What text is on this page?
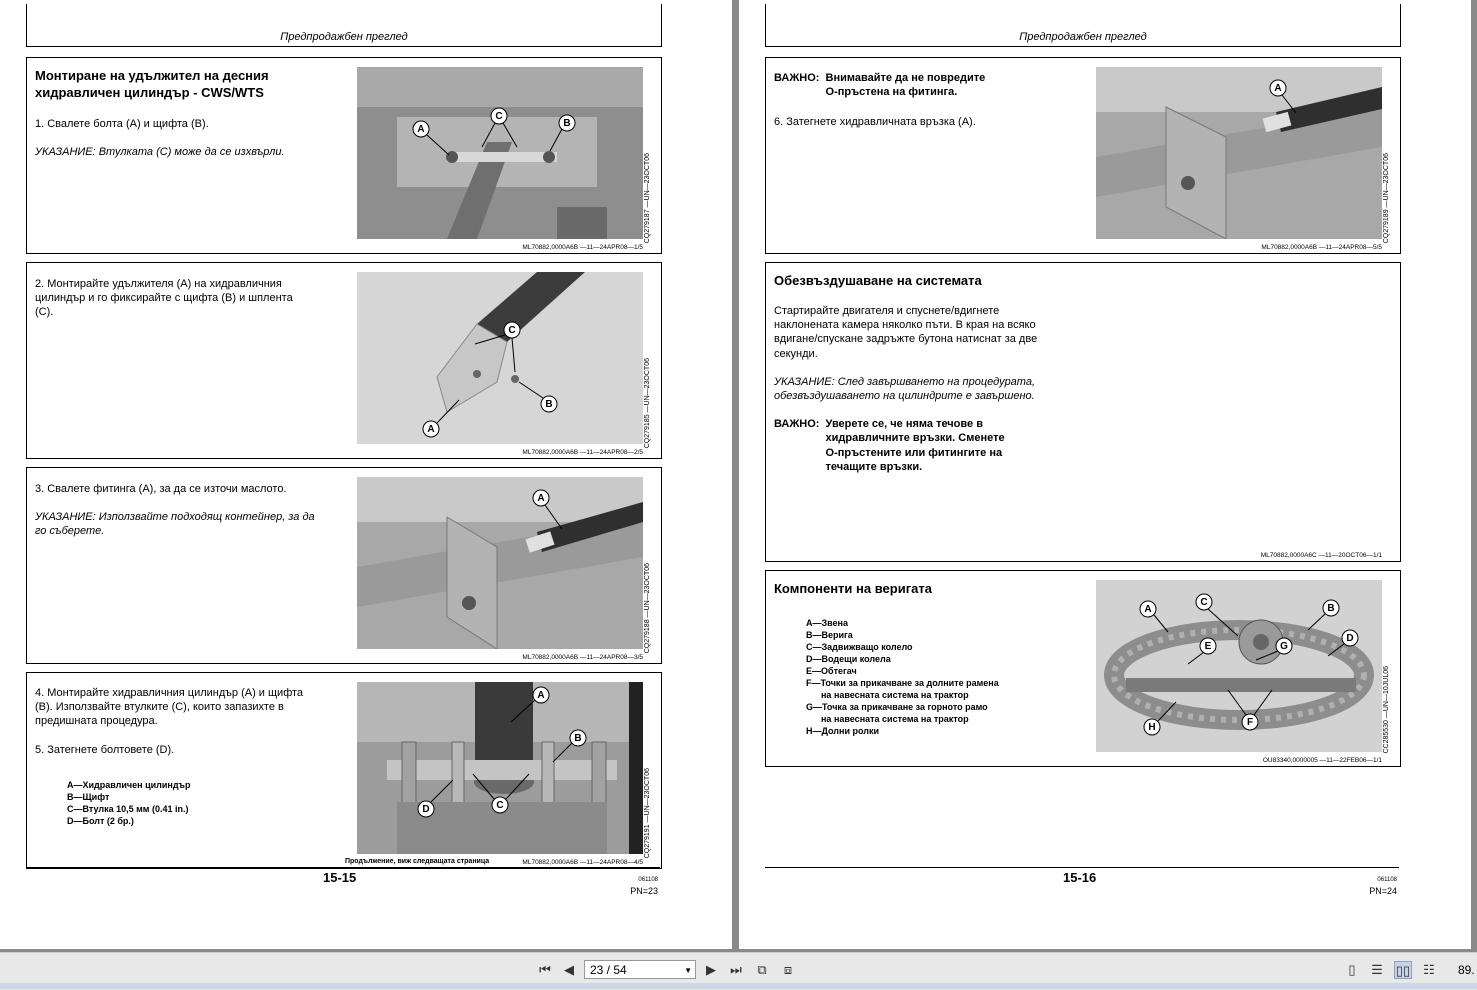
Предпродажбен преглед
Монтиране на удължител на десния хидравличен цилиндър - CWS/WTS

1. Свалете болта (A) и щифта (B).

УКАЗАНИЕ: Втулката (C) може да се изхвърли.

A
C
B
CQ279187 —UN—23OCT06
ML70882,0000A6B —11—24APR08—1/5

2. Монтирайте удължителя (A) на хидравличния цилиндър и го фиксирайте с щифта (B) и шплента (C).

C
B
A	CQ279185 —UN—23OCT06
ML70882,0000A6B —11—24APR08—2/5

3. Свалете фитинга (A), за да се източи маслото.

УКАЗАНИЕ: Използвайте подходящ контейнер, за да го съберете.

A
CQ279188 —UN—23OCT06
ML70882,0000A6B —11—24APR08—3/5

4. Монтирайте хидравличния цилиндър (A) и щифта (B). Използвайте втулките (C), които запазихте в предишната процедура.

5. Затегнете болтовете (D).

A—Хидравличен цилиндър
B—Щифт
C—Втулка 10,5 мм (0.41 in.)
D—Болт (2 бр.)
A
B
D	C	CQ279191 —UN—23OCT06
Продължение, виж следващата страница	ML70882,0000A6B —11—24APR08—4/5
15-15	061108
PN=23
Предпродажбен преглед
ВАЖНО: Внимавайте да не повредите О-пръстена на фитинга.
6. Затегнете хидравличната връзка (A).
A
CQ279189 —UN—23OCT06
ML70882,0000A6B —11—24APR08—5/5
Обезвъздушаване на системата

Стартирайте двигателя и спуснете/вдигнете наклонената камера няколко пъти. В края на всяко вдигане/спускане задръжте бутона натиснат за две секунди.

УКАЗАНИЕ: След завършването на процедурата, обезвъздушаването на цилиндрите е завършено.

ВАЖНО: Уверете се, че няма течове в хидравличните връзки. Сменете О-пръстените или фитингите на течащите връзки.
ML70882,0000A6C —11—20OCT06—1/1
Компоненти на веригата
A—Звена
B—Верига
C—Задвижващо колело
D—Водещи колела
E—Обтегач
F—Точки за прикачване за долните рамена
на навесната система на трактор
G—Точка за прикачване за горното рамо
на навесната система на трактор
H—Долни ролки
A
C
B
E	G
D
H	F	CC285530 —UN—10JUL06
OU83340,0000005 —11—22FEB06—1/1
15-16	061108
PN=24
⏮	◀	23 / 54	▼	▶	⏭	⧉	⧈	▯	☰ ▯▯ ☷ 89.
